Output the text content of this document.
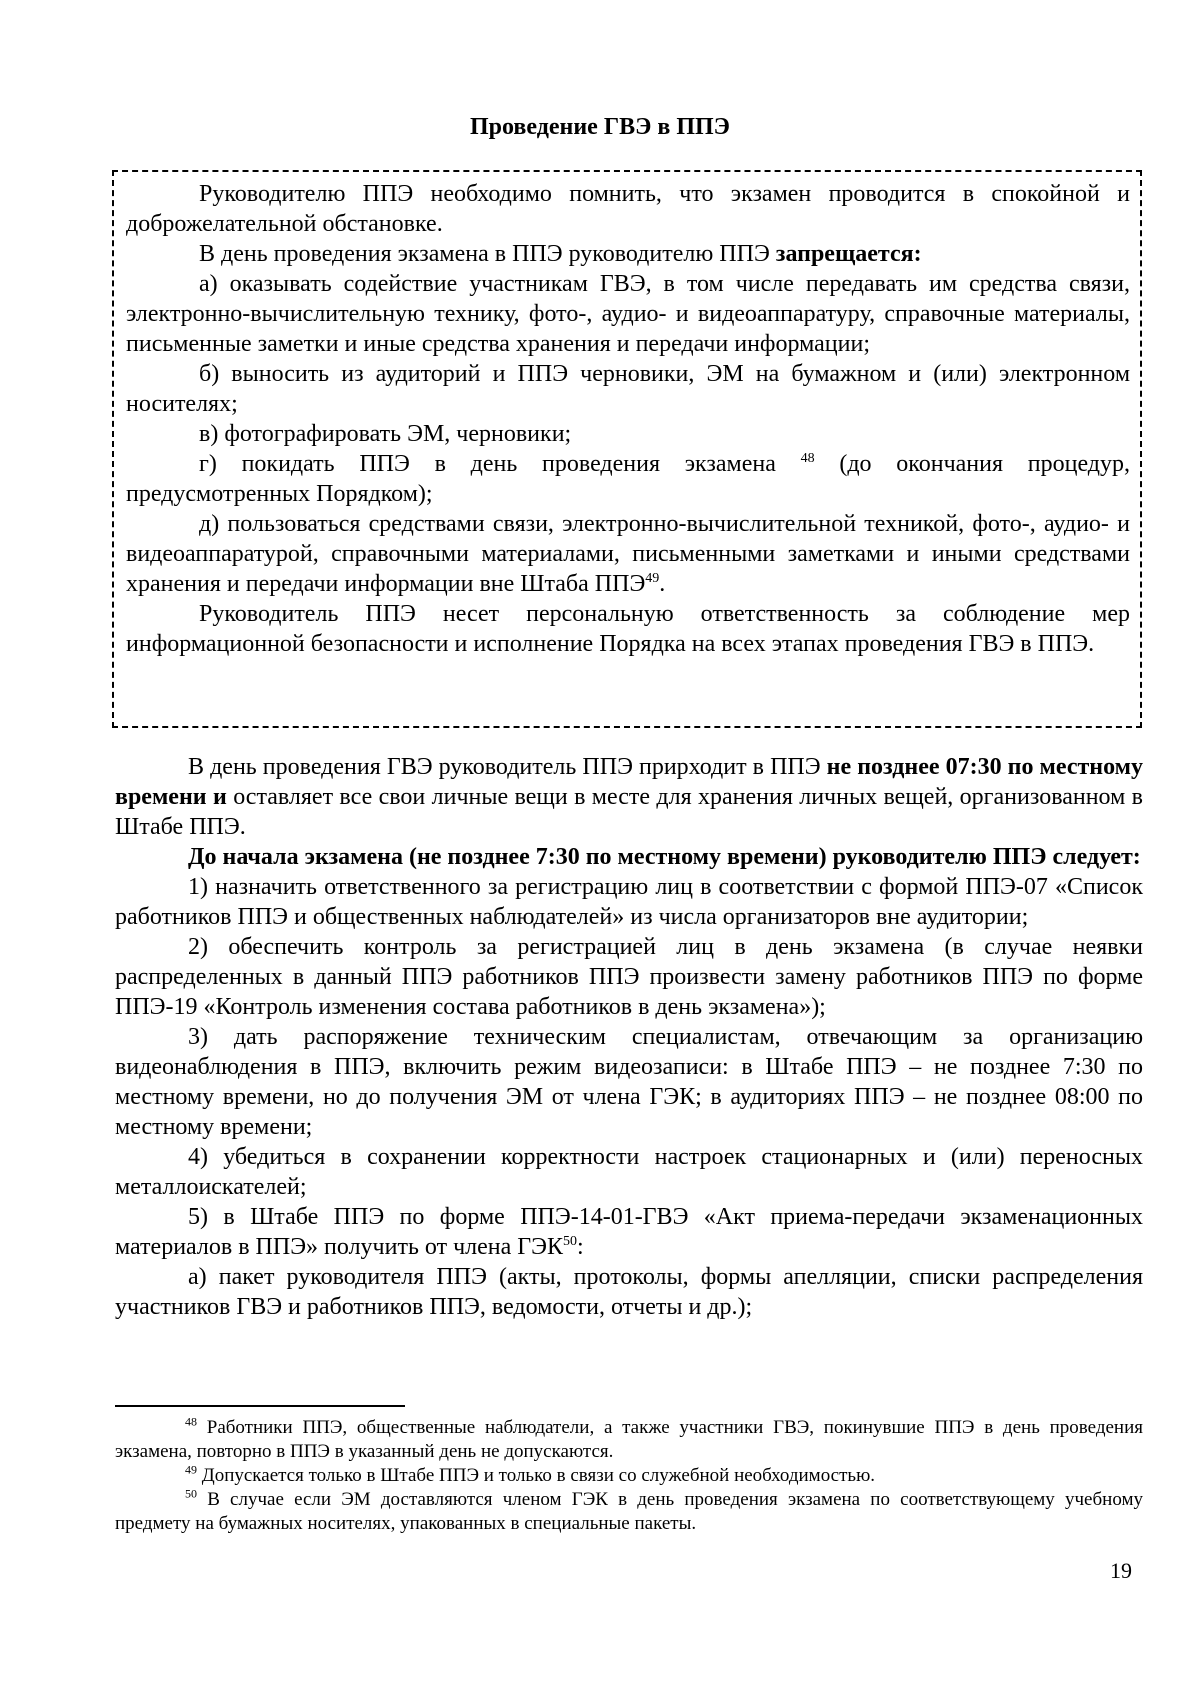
Проведение ГВЭ в ППЭ

Руководителю ППЭ необходимо помнить, что экзамен проводится в спокойной и доброжелательной обстановке.

В день проведения экзамена в ППЭ руководителю ППЭ запрещается:

а) оказывать содействие участникам ГВЭ, в том числе передавать им средства связи, электронно-вычислительную технику, фото-, аудио- и видеоаппаратуру, справочные материалы, письменные заметки и иные средства хранения и передачи информации;

б) выносить из аудиторий и ППЭ черновики, ЭМ на бумажном и (или) электронном носителях;

в) фотографировать ЭМ, черновики;

г) покидать ППЭ в день проведения экзамена $^{48}$ (до окончания процедур, предусмотренных Порядком);

д) пользоваться средствами связи, электронно-вычислительной техникой, фото-, аудио- и видеоаппаратурой, справочными материалами, письменными заметками и иными средствами хранения и передачи информации вне Штаба ППЭ$^{49}$.

Руководитель ППЭ несет персональную ответственность за соблюдение мер информационной безопасности и исполнение Порядка на всех этапах проведения ГВЭ в ППЭ.

В день проведения ГВЭ руководитель ППЭ прирходит в ППЭ не позднее 07:30 по местному времени и оставляет все свои личные вещи в месте для хранения личных вещей, организованном в Штабе ППЭ.

До начала экзамена (не позднее 7:30 по местному времени) руководителю ППЭ следует:

1) назначить ответственного за регистрацию лиц в соответствии с формой ППЭ-07 «Список работников ППЭ и общественных наблюдателей» из числа организаторов вне аудитории;

2) обеспечить контроль за регистрацией лиц в день экзамена (в случае неявки распределенных в данный ППЭ работников ППЭ произвести замену работников ППЭ по форме ППЭ-19 «Контроль изменения состава работников в день экзамена»);

3) дать распоряжение техническим специалистам, отвечающим за организацию видеонаблюдения в ППЭ, включить режим видеозаписи: в Штабе ППЭ – не позднее 7:30 по местному времени, но до получения ЭМ от члена ГЭК; в аудиториях ППЭ – не позднее 08:00 по местному времени;

4) убедиться в сохранении корректности настроек стационарных и (или) переносных металлоискателей;

5) в Штабе ППЭ по форме ППЭ-14-01-ГВЭ «Акт приема-передачи экзаменационных материалов в ППЭ» получить от члена ГЭК$^{50}$:

а) пакет руководителя ППЭ (акты, протоколы, формы апелляции, списки распределения участников ГВЭ и работников ППЭ, ведомости, отчеты и др.);

$^{48}$ Работники ППЭ, общественные наблюдатели, а также участники ГВЭ, покинувшие ППЭ в день проведения экзамена, повторно в ППЭ в указанный день не допускаются.

$^{49}$ Допускается только в Штабе ППЭ и только в связи со служебной необходимостью.

$^{50}$ В случае если ЭМ доставляются членом ГЭК в день проведения экзамена по соответствующему учебному предмету на бумажных носителях, упакованных в специальные пакеты.

19
